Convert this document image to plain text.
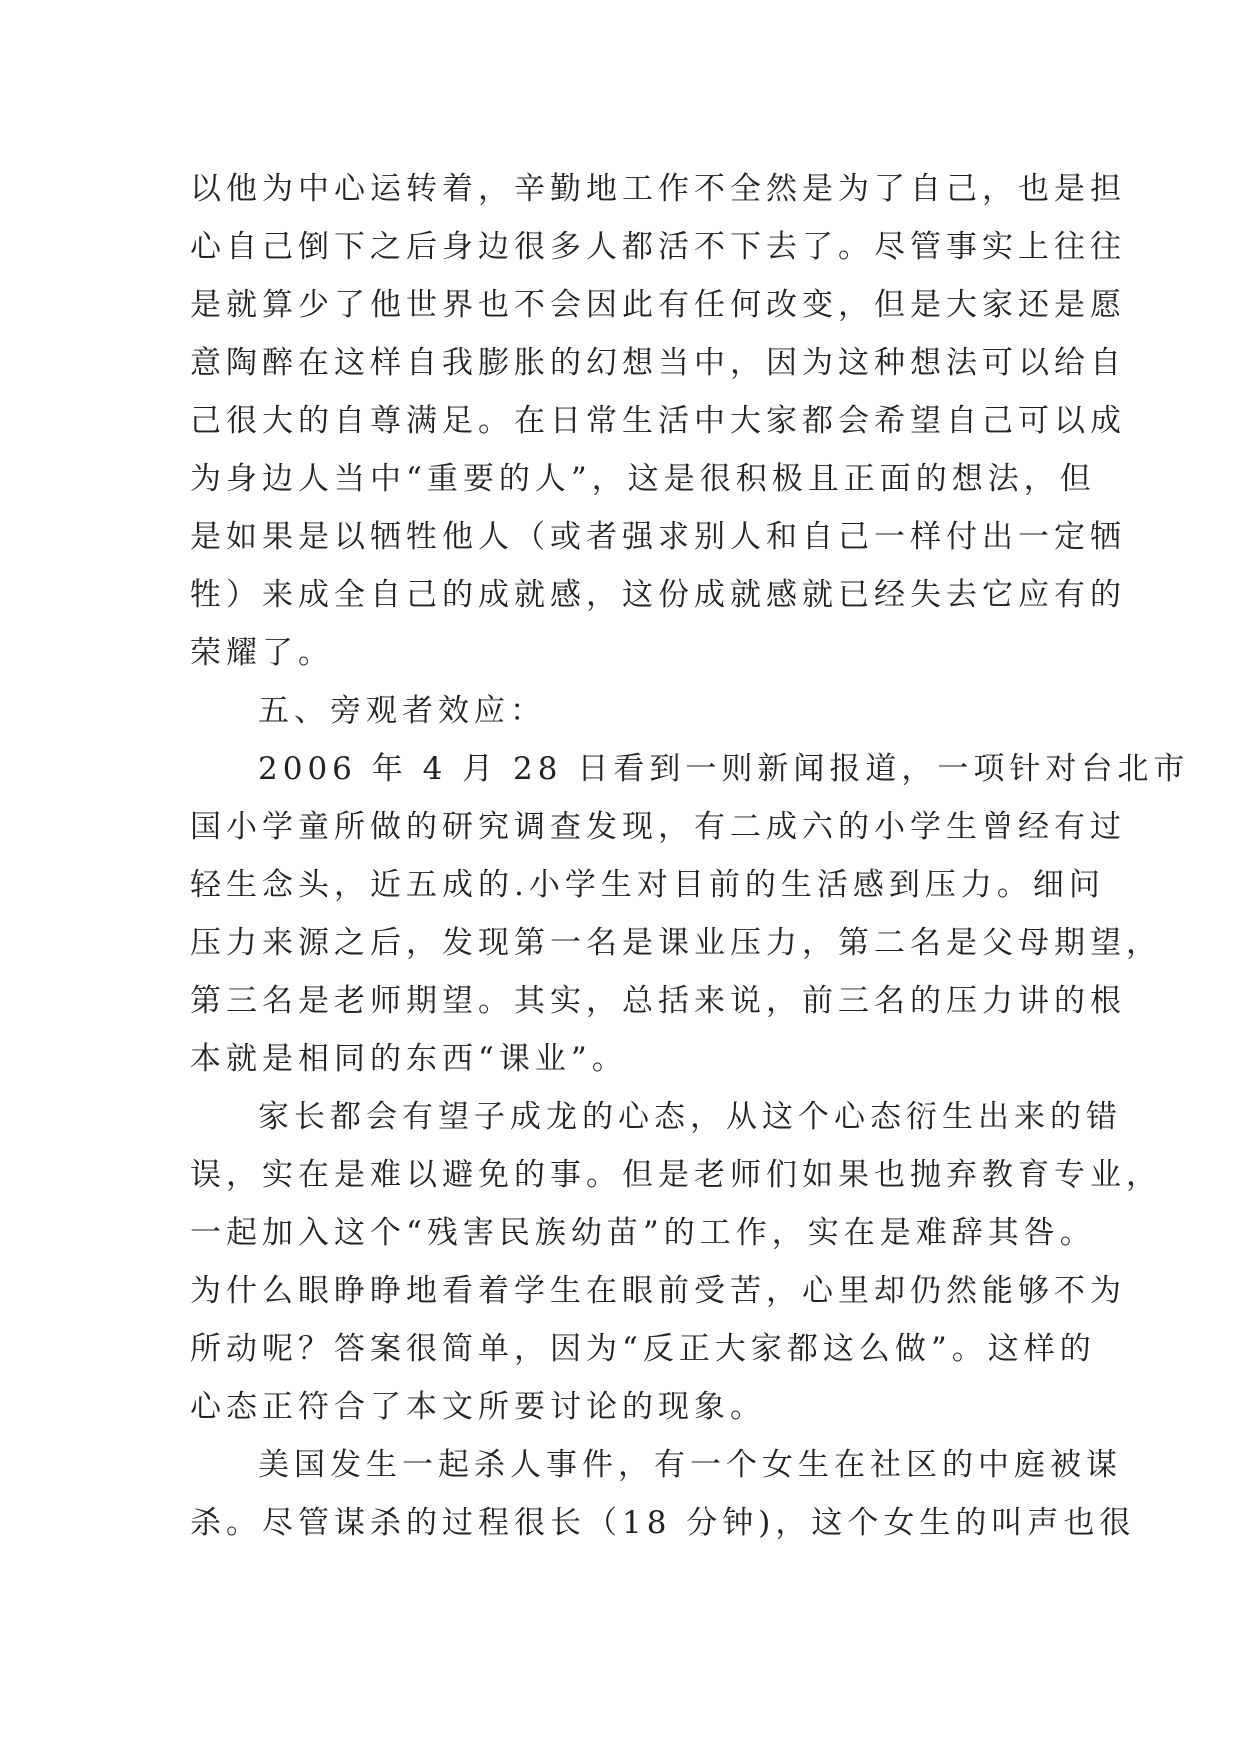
以他为中心运转着，辛勤地工作不全然是为了自己，也是担
心自己倒下之后身边很多人都活不下去了。尽管事实上往往
是就算少了他世界也不会因此有任何改变，但是大家还是愿
意陶醉在这样自我膨胀的幻想当中，因为这种想法可以给自
己很大的自尊满足。在日常生活中大家都会希望自己可以成
为身边人当中“重要的人”，这是很积极且正面的想法，但
是如果是以牺牲他人（或者强求别人和自己一样付出一定牺
牲）来成全自己的成就感，这份成就感就已经失去它应有的
荣耀了。
五、旁观者效应：
2006 年 4 月 28 日看到一则新闻报道，一项针对台北市
国小学童所做的研究调查发现，有二成六的小学生曾经有过
轻生念头，近五成的.小学生对目前的生活感到压力。细问
压力来源之后，发现第一名是课业压力，第二名是父母期望，
第三名是老师期望。其实，总括来说，前三名的压力讲的根
本就是相同的东西“课业”。
家长都会有望子成龙的心态，从这个心态衍生出来的错
误，实在是难以避免的事。但是老师们如果也抛弃教育专业，
一起加入这个“残害民族幼苗”的工作，实在是难辞其咎。
为什么眼睁睁地看着学生在眼前受苦，心里却仍然能够不为
所动呢？答案很简单，因为“反正大家都这么做”。这样的
心态正符合了本文所要讨论的现象。
美国发生一起杀人事件，有一个女生在社区的中庭被谋
杀。尽管谋杀的过程很长（18 分钟)，这个女生的叫声也很
